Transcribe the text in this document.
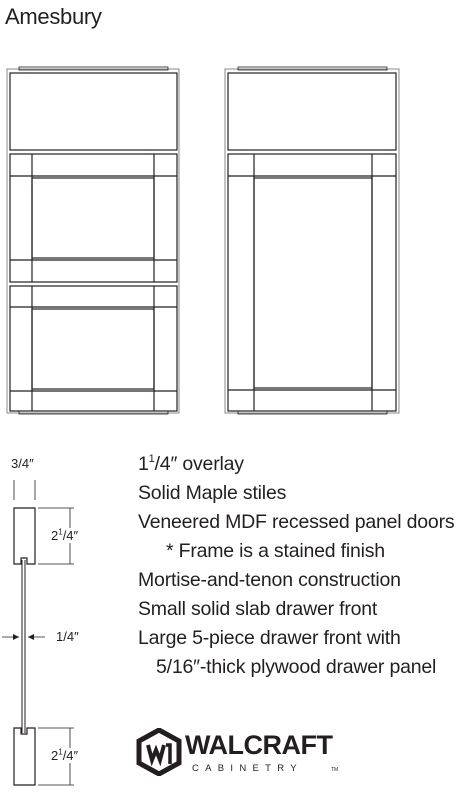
Amesbury
3/4″
$2^1/4''$
1/4″
$2^1/4''$
$1^1/4''$ overlay
Solid Maple stiles
Veneered MDF recessed panel doors
* Frame is a stained finish
Mortise-and-tenon construction
Small solid slab drawer front
Large 5-piece drawer front with
5/16″-thick plywood drawer panel
WALCRAFT
CABINETRY	TM
